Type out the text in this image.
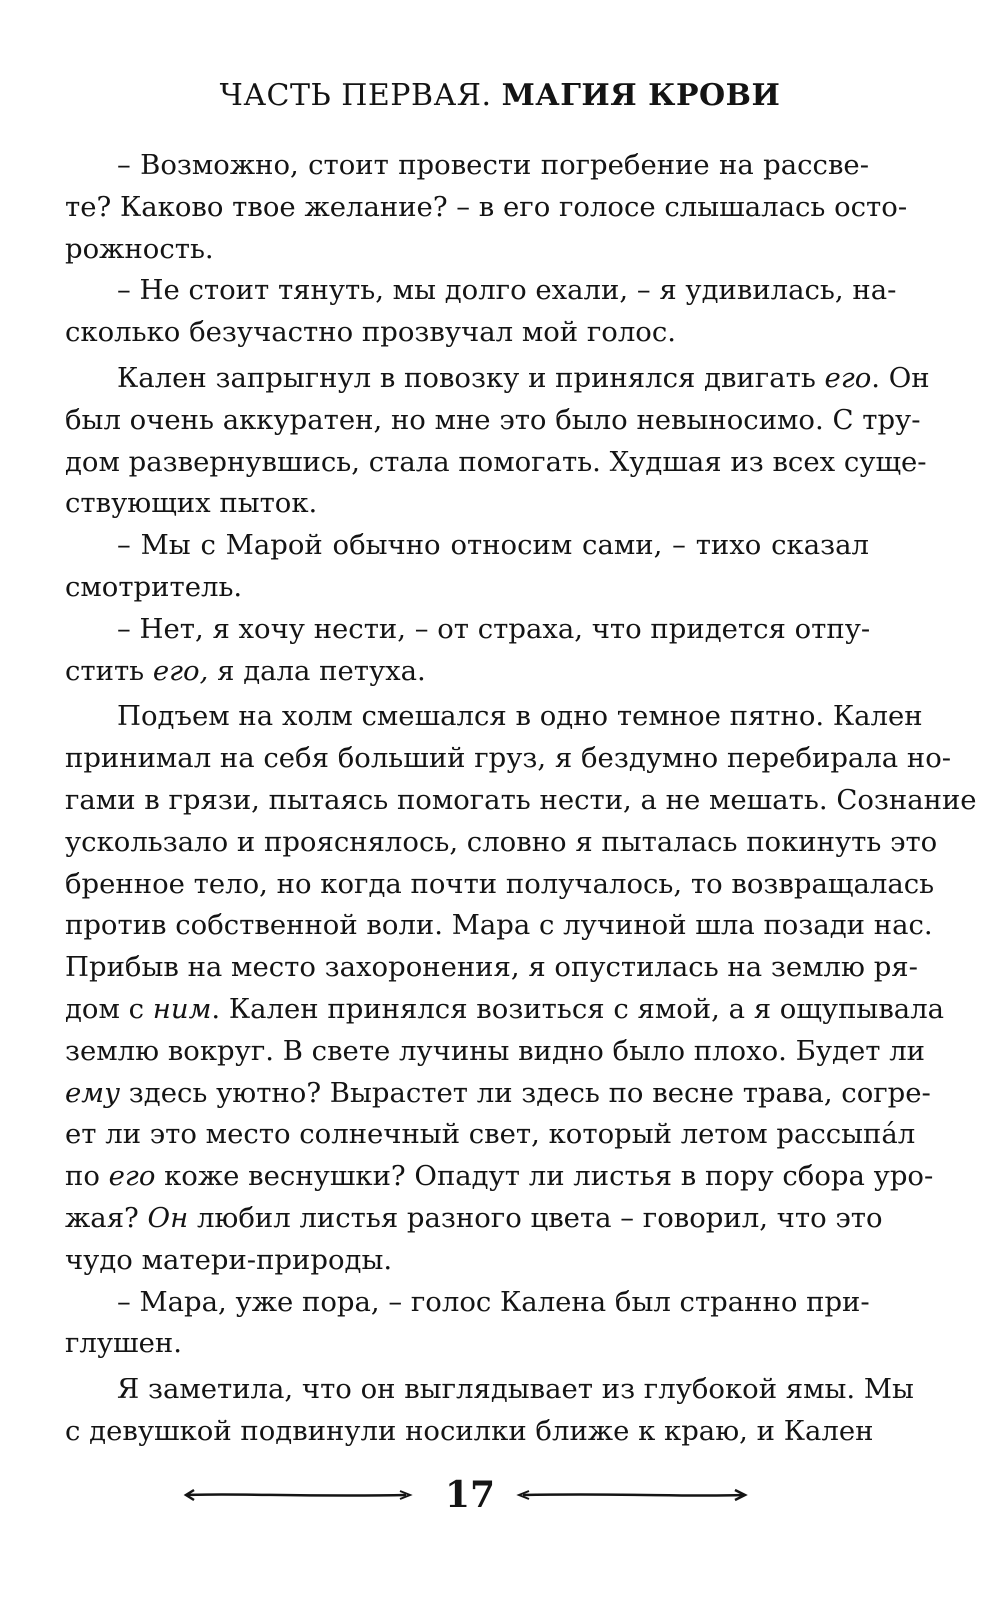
ЧАСТЬ ПЕРВАЯ. МАГИЯ КРОВИ
– Возможно, стоит провести погребение на рассве-
те? Каково твое желание? – в его голосе слышалась осто-
рожность.
– Не стоит тянуть, мы долго ехали, – я удивилась, на-
сколько безучастно прозвучал мой голос.
Кален запрыгнул в повозку и принялся двигать его. Он
был очень аккуратен, но мне это было невыносимо. С тру-
дом развернувшись, стала помогать. Худшая из всех суще-
ствующих пыток.
– Мы с Марой обычно относим сами, – тихо сказал
смотритель.
– Нет, я хочу нести, – от страха, что придется отпу-
стить его, я дала петуха.
Подъем на холм смешался в одно темное пятно. Кален
принимал на себя больший груз, я бездумно перебирала но-
гами в грязи, пытаясь помогать нести, а не мешать. Сознание
ускользало и прояснялось, словно я пыталась покинуть это
бренное тело, но когда почти получалось, то возвращалась
против собственной воли. Мара с лучиной шла позади нас.
Прибыв на место захоронения, я опустилась на землю ря-
дом с ним. Кален принялся возиться с ямой, а я ощупывала
землю вокруг. В свете лучины видно было плохо. Будет ли
ему здесь уютно? Вырастет ли здесь по весне трава, согре-
ет ли это место солнечный свет, который летом рассыпа́л
по его коже веснушки? Опадут ли листья в пору сбора уро-
жая? Он любил листья разного цвета – говорил, что это
чудо матери-природы.
– Мара, уже пора, – голос Калена был странно при-
глушен.
Я заметила, что он выглядывает из глубокой ямы. Мы
с девушкой подвинули носилки ближе к краю, и Кален
17
